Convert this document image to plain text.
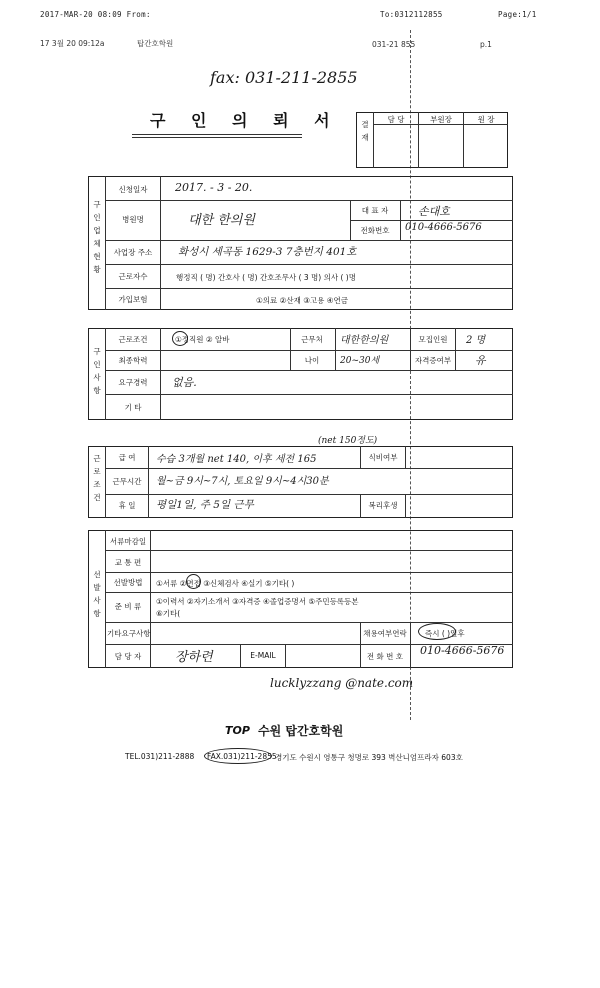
2017-MAR-20 08:09 From:	To:0312112855	Page:1/1
17 3월 20 09:12a	탑간호학원	031-21 855	p.1
fax: 031-211-2855
구 인 의 뢰 서	결재
담 당	부원장	원 장
구인업체현황
신청일자	2017. - 3 - 20.
병원명	대한 한의원
대 표 자	손대호
전화번호	010-4666-5676
사업장 주소	화성시 세곡동 1629-3 7층번지 401호
근로자수	행정직 ( 명) 간호사 ( 명) 간호조무사 ( 3 명) 의사 ( )명
가입보험	①의료 ②산재 ③고용 ④연금
구인사항
근로조건	①정직원 ② 알바	근무처	대한한의원	모집인원	2 명
최종학력	나이	20~30세	자격증여부	유
요구경력	없음.
기 타
근로조건
(net 150정도)
급 여	수습 3개월 net 140, 이후 세전 165	식비여부
근무시간	월~금 9시~7시, 토요일 9시~4시30분
휴 일	평일1일, 주 5일 근무	복리후생
선발사항
서류마감일
교 통 편
선발방법	①서류 ②면접 ③신체검사 ④실기 ⑤기타( )
준 비 류
①이력서 ②자기소개서 ③자격증 ④졸업증명서 ⑤주민등록등본
⑥기타(
기타요구사항	채용여부연락 즉시 ( )일후
담 당 자	장하련	E-MAIL	전 화 번 호	010-4666-5676
lucklyzzang @nate.com
TOP 수원 탑간호학원
TEL.031)211-2888 FAX.031)211-2855
경기도 수원시 영통구 청명로 393 벽산니엄프라자 603호
